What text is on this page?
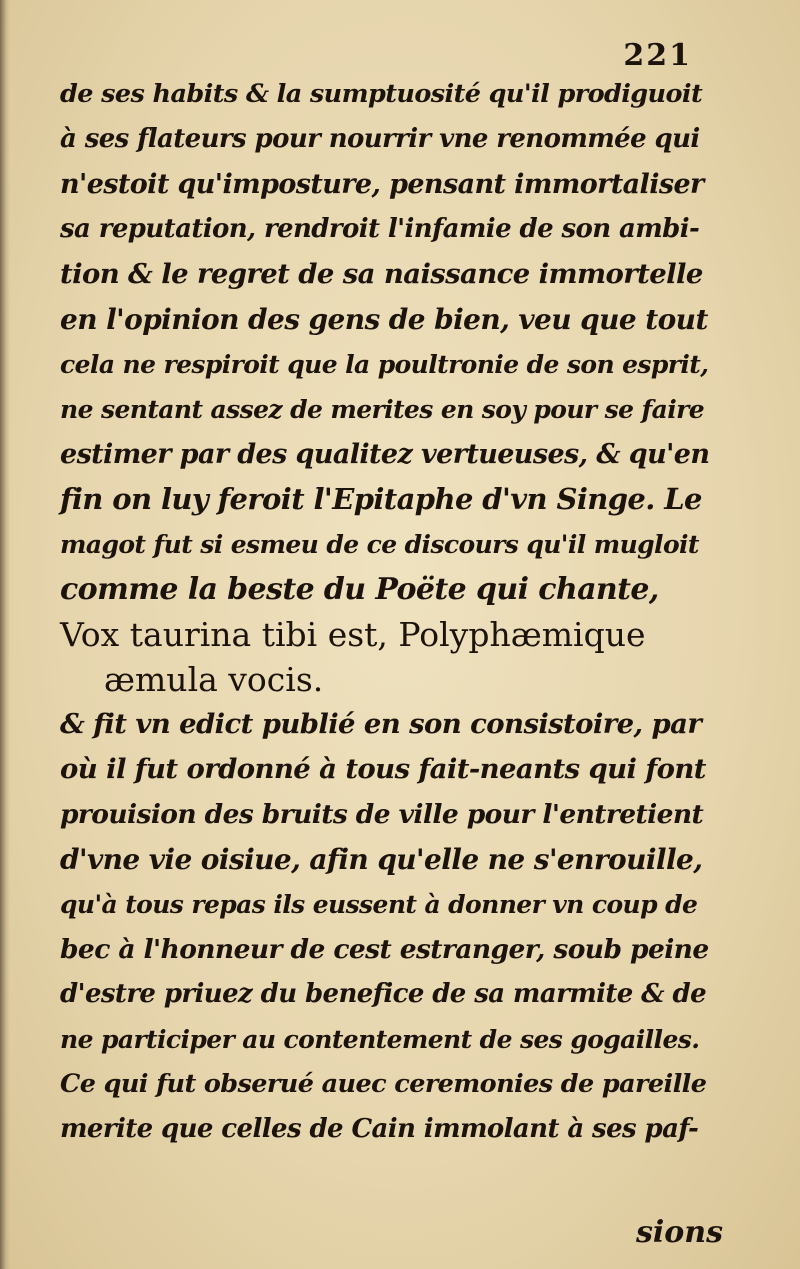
221
de ses habits & la sumptuosité qu'il prodiguoit
à ses flateurs pour nourrir vne renommée qui
n'estoit qu'imposture, pensant immortaliser
sa reputation, rendroit l'infamie de son ambi-
tion & le regret de sa naissance immortelle
en l'opinion des gens de bien, veu que tout
cela ne respiroit que la poultronie de son esprit,
ne sentant assez de merites en soy pour se faire
estimer par des qualitez vertueuses, & qu'en
fin on luy feroit l'Epitaphe d'vn Singe. Le
magot fut si esmeu de ce discours qu'il mugloit
comme la beste du Poëte qui chante,
Vox taurina tibi est, Polyphæmique
æmula vocis.
& fit vn edict publié en son consistoire, par
où il fut ordonné à tous fait-neants qui font
prouision des bruits de ville pour l'entretient
d'vne vie oisiue, afin qu'elle ne s'enrouille,
qu'à tous repas ils eussent à donner vn coup de
bec à l'honneur de cest estranger, soub peine
d'estre priuez du benefice de sa marmite & de
ne participer au contentement de ses gogailles.
Ce qui fut obserué auec ceremonies de pareille
merite que celles de Cain immolant à ses paf-
sions
